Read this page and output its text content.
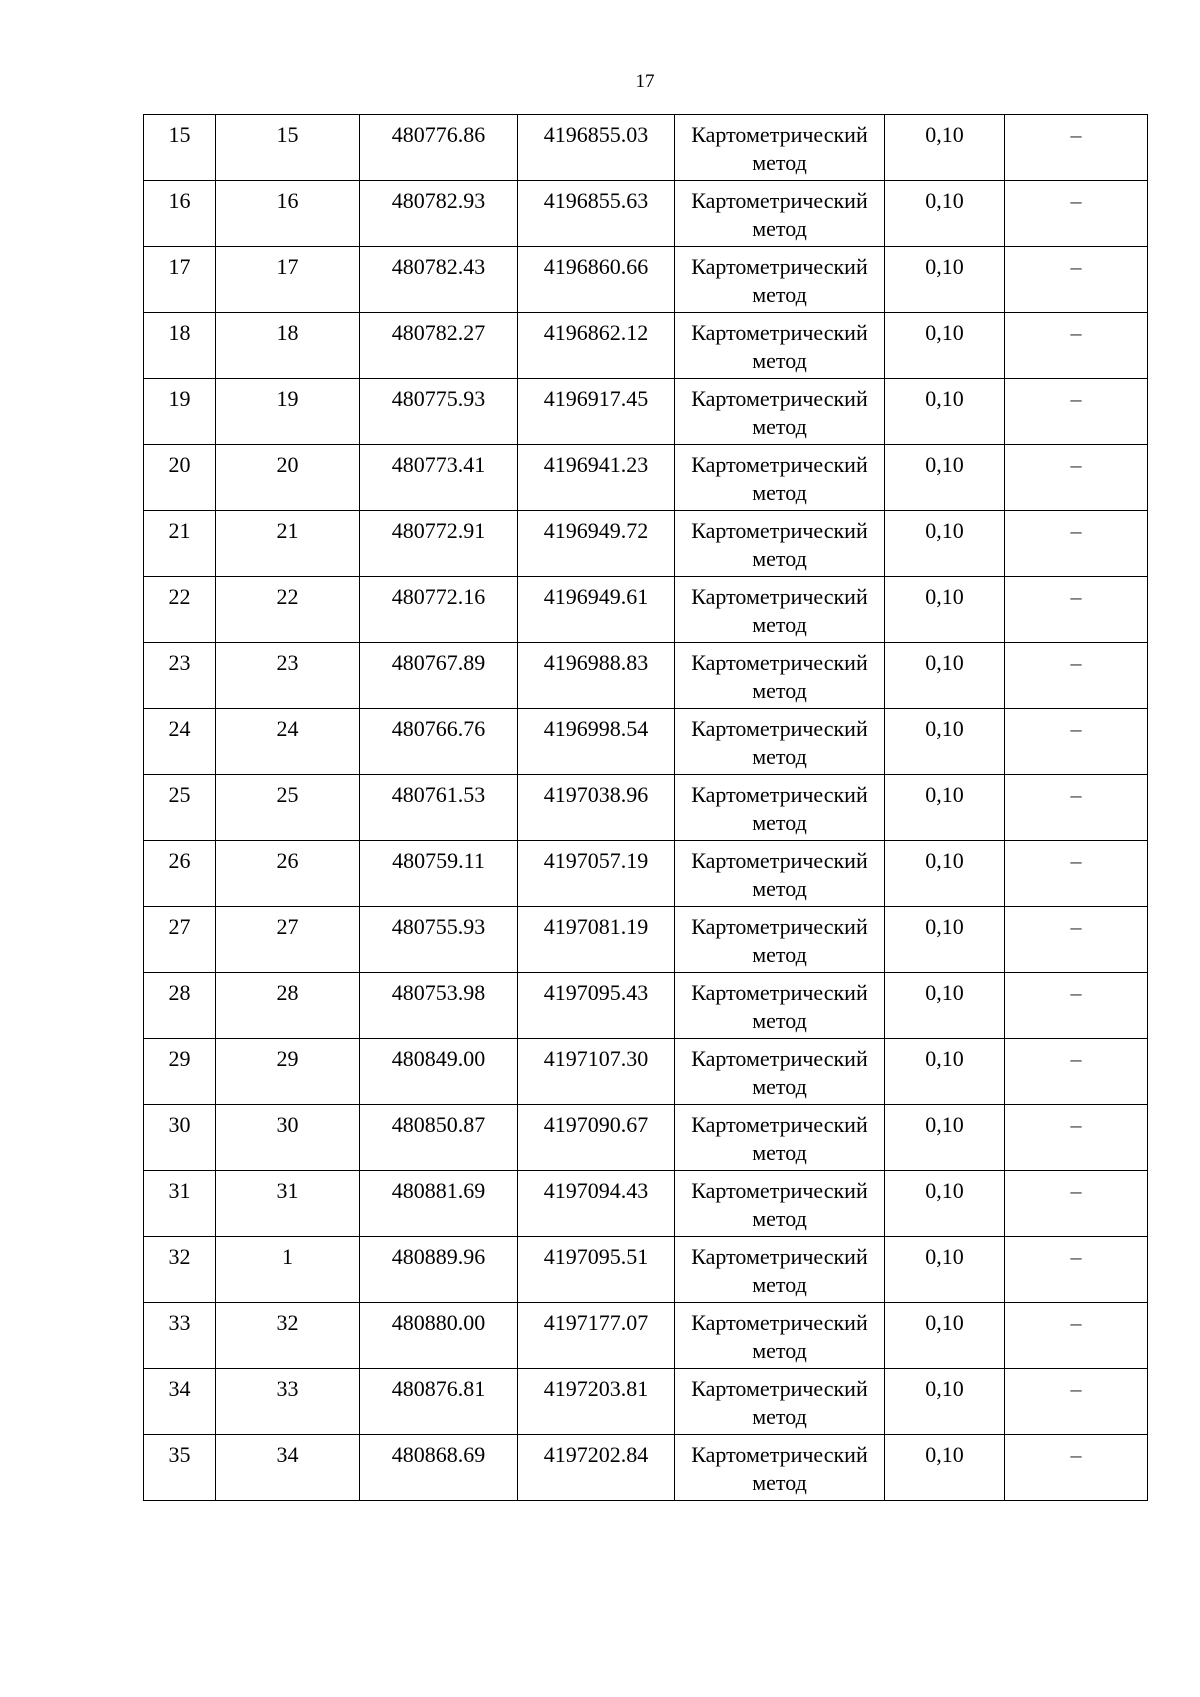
17
15	15	480776.86	4196855.03	Картометрический метод	0,10	–
16	16	480782.93	4196855.63	Картометрический метод	0,10	–
17	17	480782.43	4196860.66	Картометрический метод	0,10	–
18	18	480782.27	4196862.12	Картометрический метод	0,10	–
19	19	480775.93	4196917.45	Картометрический метод	0,10	–
20	20	480773.41	4196941.23	Картометрический метод	0,10	–
21	21	480772.91	4196949.72	Картометрический метод	0,10	–
22	22	480772.16	4196949.61	Картометрический метод	0,10	–
23	23	480767.89	4196988.83	Картометрический метод	0,10	–
24	24	480766.76	4196998.54	Картометрический метод	0,10	–
25	25	480761.53	4197038.96	Картометрический метод	0,10	–
26	26	480759.11	4197057.19	Картометрический метод	0,10	–
27	27	480755.93	4197081.19	Картометрический метод	0,10	–
28	28	480753.98	4197095.43	Картометрический метод	0,10	–
29	29	480849.00	4197107.30	Картометрический метод	0,10	–
30	30	480850.87	4197090.67	Картометрический метод	0,10	–
31	31	480881.69	4197094.43	Картометрический метод	0,10	–
32	1	480889.96	4197095.51	Картометрический метод	0,10	–
33	32	480880.00	4197177.07	Картометрический метод	0,10	–
34	33	480876.81	4197203.81	Картометрический метод	0,10	–
35	34	480868.69	4197202.84	Картометрический метод	0,10	–
